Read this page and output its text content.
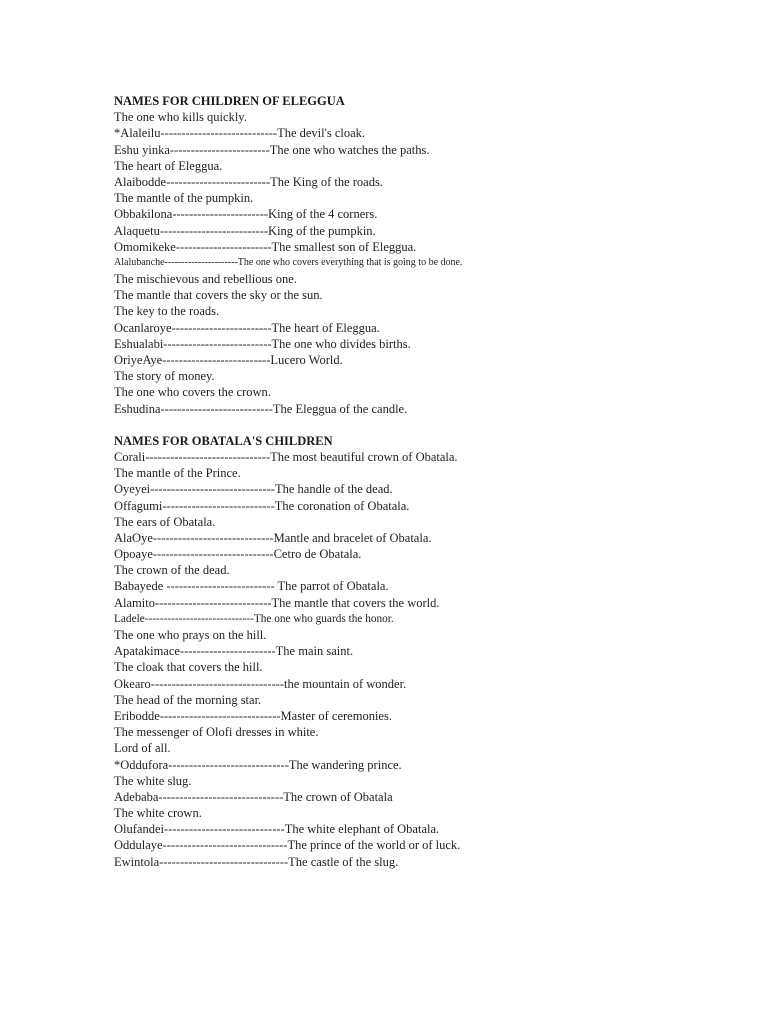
NAMES FOR CHILDREN OF ELEGGUA
The one who kills quickly.
*Alaleilu----------------------------The devil's cloak.
Eshu yinka------------------------The one who watches the paths.
The heart of Eleggua.
Alaibodde-------------------------The King of the roads.
The mantle of the pumpkin.
Obbakilona-----------------------King of the 4 corners.
Alaquetu--------------------------King of the pumpkin.
Omomikeke-----------------------The smallest son of Eleggua.
Alalubanche----------------------The one who covers everything that is going to be done.
The mischievous and rebellious one.
The mantle that covers the sky or the sun.
The key to the roads.
Ocanlaroye------------------------The heart of Eleggua.
Eshualabi--------------------------The one who divides births.
OriyeAye--------------------------Lucero World.
The story of money.
The one who covers the crown.
Eshudina---------------------------The Eleggua of the candle.
NAMES FOR OBATALA'S CHILDREN
Corali------------------------------The most beautiful crown of Obatala.
The mantle of the Prince.
Oyeyei------------------------------The handle of the dead.
Offagumi---------------------------The coronation of Obatala.
The ears of Obatala.
AlaOye-----------------------------Mantle and bracelet of Obatala.
Opoaye-----------------------------Cetro de Obatala.
The crown of the dead.
Babayede -------------------------- The parrot of Obatala.
Alamito----------------------------The mantle that covers the world.
Ladele-----------------------------The one who guards the honor.
The one who prays on the hill.
Apatakimace-----------------------The main saint.
The cloak that covers the hill.
Okearo--------------------------------the mountain of wonder.
The head of the morning star.
Eribodde-----------------------------Master of ceremonies.
The messenger of Olofi dresses in white.
Lord of all.
*Oddufora-----------------------------The wandering prince.
The white slug.
Adebaba------------------------------The crown of Obatala
The white crown.
Olufandei-----------------------------The white elephant of Obatala.
Oddulaye------------------------------The prince of the world or of luck.
Ewintola-------------------------------The castle of the slug.
